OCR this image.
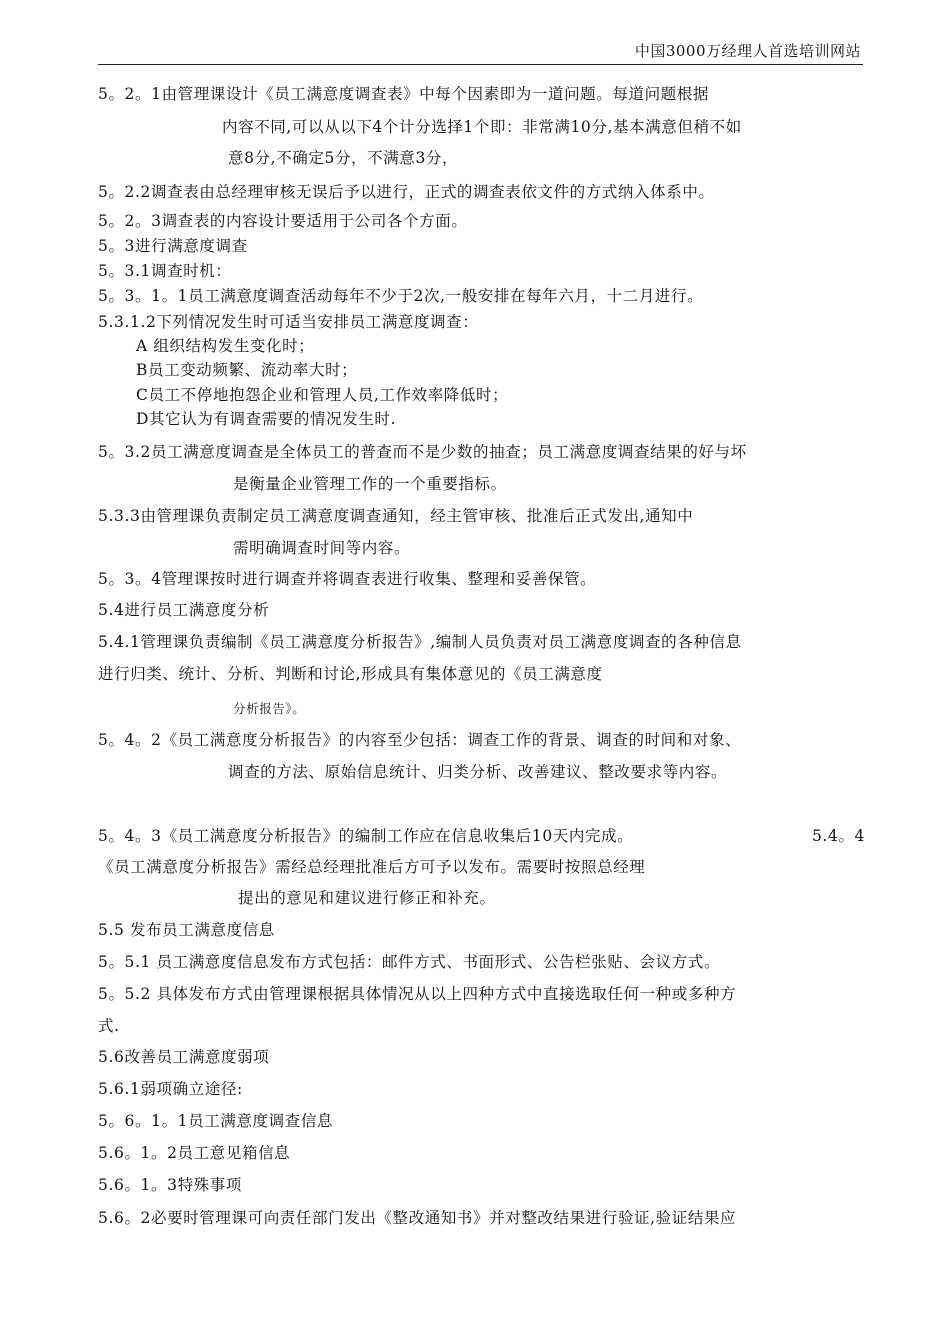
中国3000万经理人首选培训网站
5。2。1由管理课设计《员工满意度调查表》中每个因素即为一道问题。每道问题根据
内容不同,可以从以下4个计分选择1个即：非常满10分,基本满意但稍不如
意8分,不确定5分，不满意3分，
5。2.2调查表由总经理审核无误后予以进行，正式的调查表依文件的方式纳入体系中。
5。2。3调查表的内容设计要适用于公司各个方面。
5。3进行满意度调查
5。3.1调查时机：
5。3。1。1员工满意度调查活动每年不少于2次,一般安排在每年六月，十二月进行。
5.3.1.2下列情况发生时可适当安排员工满意度调查：
A 组织结构发生变化时；
B员工变动频繁、流动率大时；
C员工不停地抱怨企业和管理人员,工作效率降低时；
D其它认为有调查需要的情况发生时.
5。3.2员工满意度调查是全体员工的普查而不是少数的抽查；员工满意度调查结果的好与坏
是衡量企业管理工作的一个重要指标。
5.3.3由管理课负责制定员工满意度调查通知，经主管审核、批准后正式发出,通知中
需明确调查时间等内容。
5。3。4管理课按时进行调查并将调查表进行收集、整理和妥善保管。
5.4进行员工满意度分析
5.4.1管理课负责编制《员工满意度分析报告》,编制人员负责对员工满意度调查的各种信息
进行归类、统计、分析、判断和讨论,形成具有集体意见的《员工满意度
分析报告》。
5。4。2《员工满意度分析报告》的内容至少包括：调查工作的背景、调查的时间和对象、
调查的方法、原始信息统计、归类分析、改善建议、整改要求等内容。
5。4。3《员工满意度分析报告》的编制工作应在信息收集后10天内完成。	5.4。4
《员工满意度分析报告》需经总经理批准后方可予以发布。需要时按照总经理
提出的意见和建议进行修正和补充。
5.5 发布员工满意度信息
5。5.1 员工满意度信息发布方式包括：邮件方式、书面形式、公告栏张贴、会议方式。
5。5.2 具体发布方式由管理课根据具体情况从以上四种方式中直接选取任何一种或多种方
式.
5.6改善员工满意度弱项
5.6.1弱项确立途径:
5。6。1。1员工满意度调查信息
5.6。1。2员工意见箱信息
5.6。1。3特殊事项
5.6。2必要时管理课可向责任部门发出《整改通知书》并对整改结果进行验证,验证结果应
